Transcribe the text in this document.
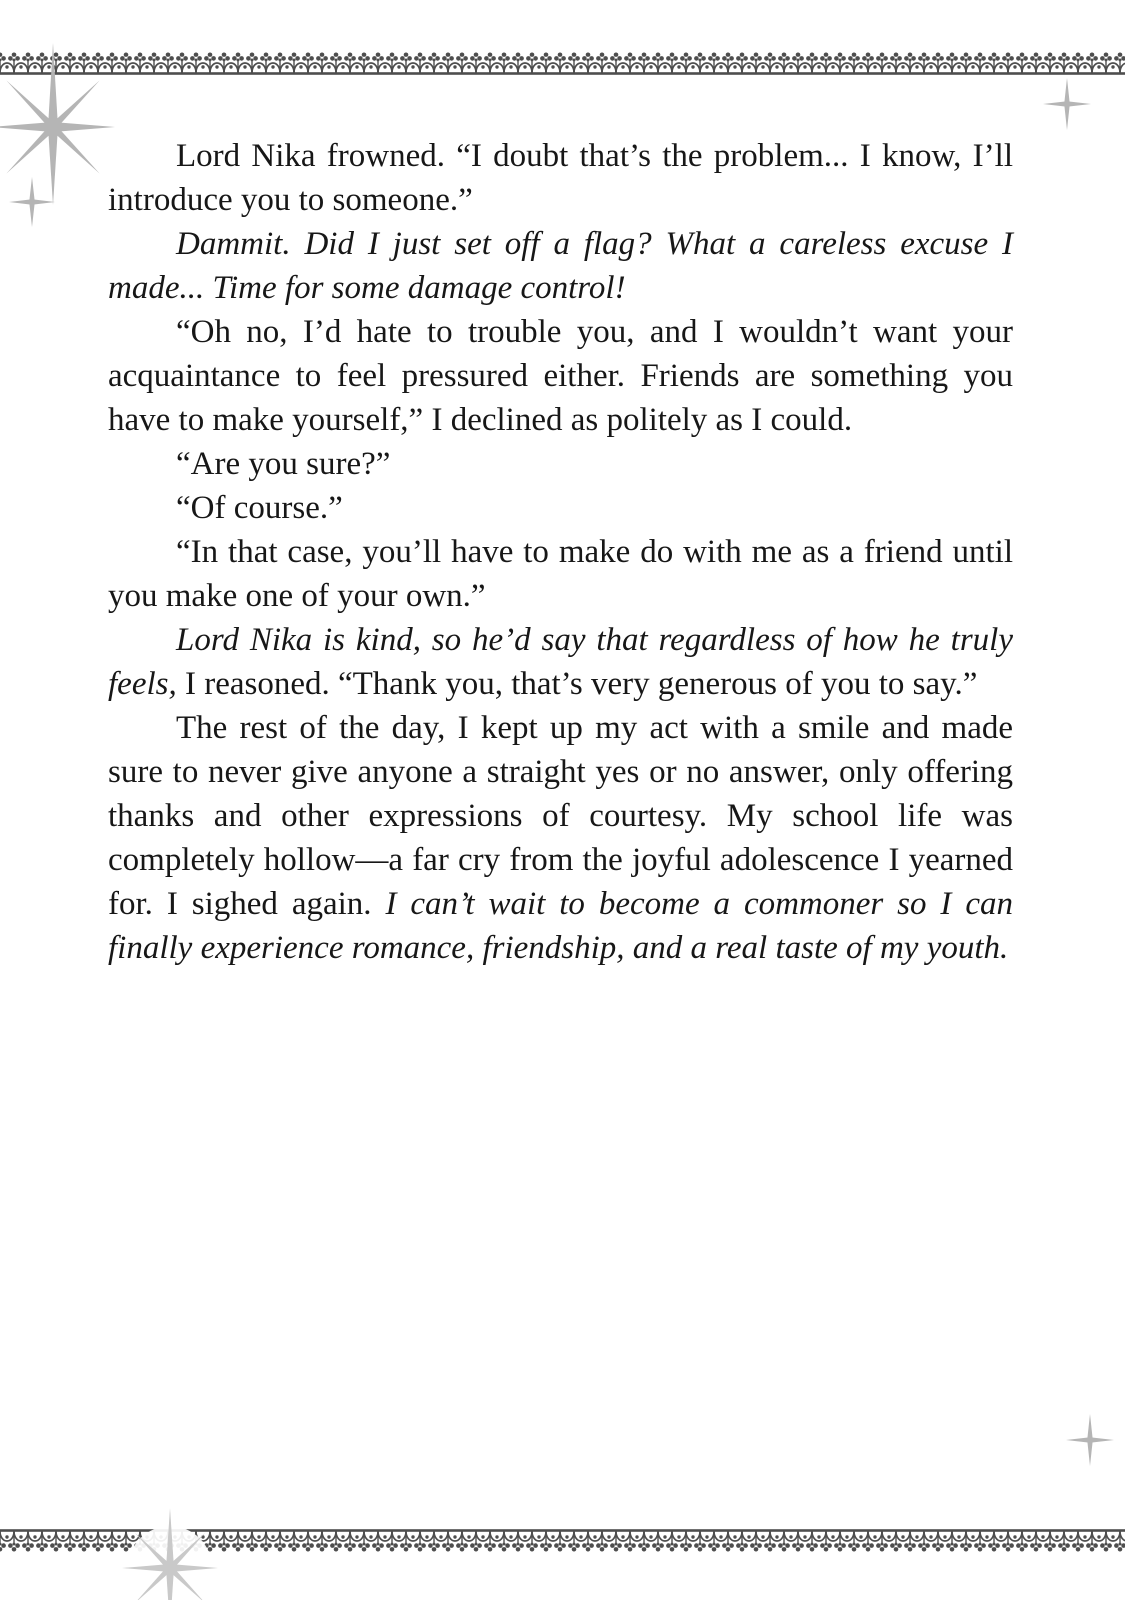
Lord Nika frowned. “I doubt that’s the problem... I know, I’ll introduce you to someone.”

Dammit. Did I just set off a flag? What a careless excuse I made... Time for some damage control!

“Oh no, I’d hate to trouble you, and I wouldn’t want your acquaintance to feel pressured either. Friends are something you have to make yourself,” I declined as politely as I could.

“Are you sure?”

“Of course.”

“In that case, you’ll have to make do with me as a friend until you make one of your own.”

Lord Nika is kind, so he’d say that regardless of how he truly feels, I reasoned. “Thank you, that’s very generous of you to say.”

The rest of the day, I kept up my act with a smile and made sure to never give anyone a straight yes or no answer, only offering thanks and other expressions of courtesy. My school life was completely hollow—a far cry from the joyful adolescence I yearned for. I sighed again. I can’t wait to become a commoner so I can finally experience romance, friendship, and a real taste of my youth.
